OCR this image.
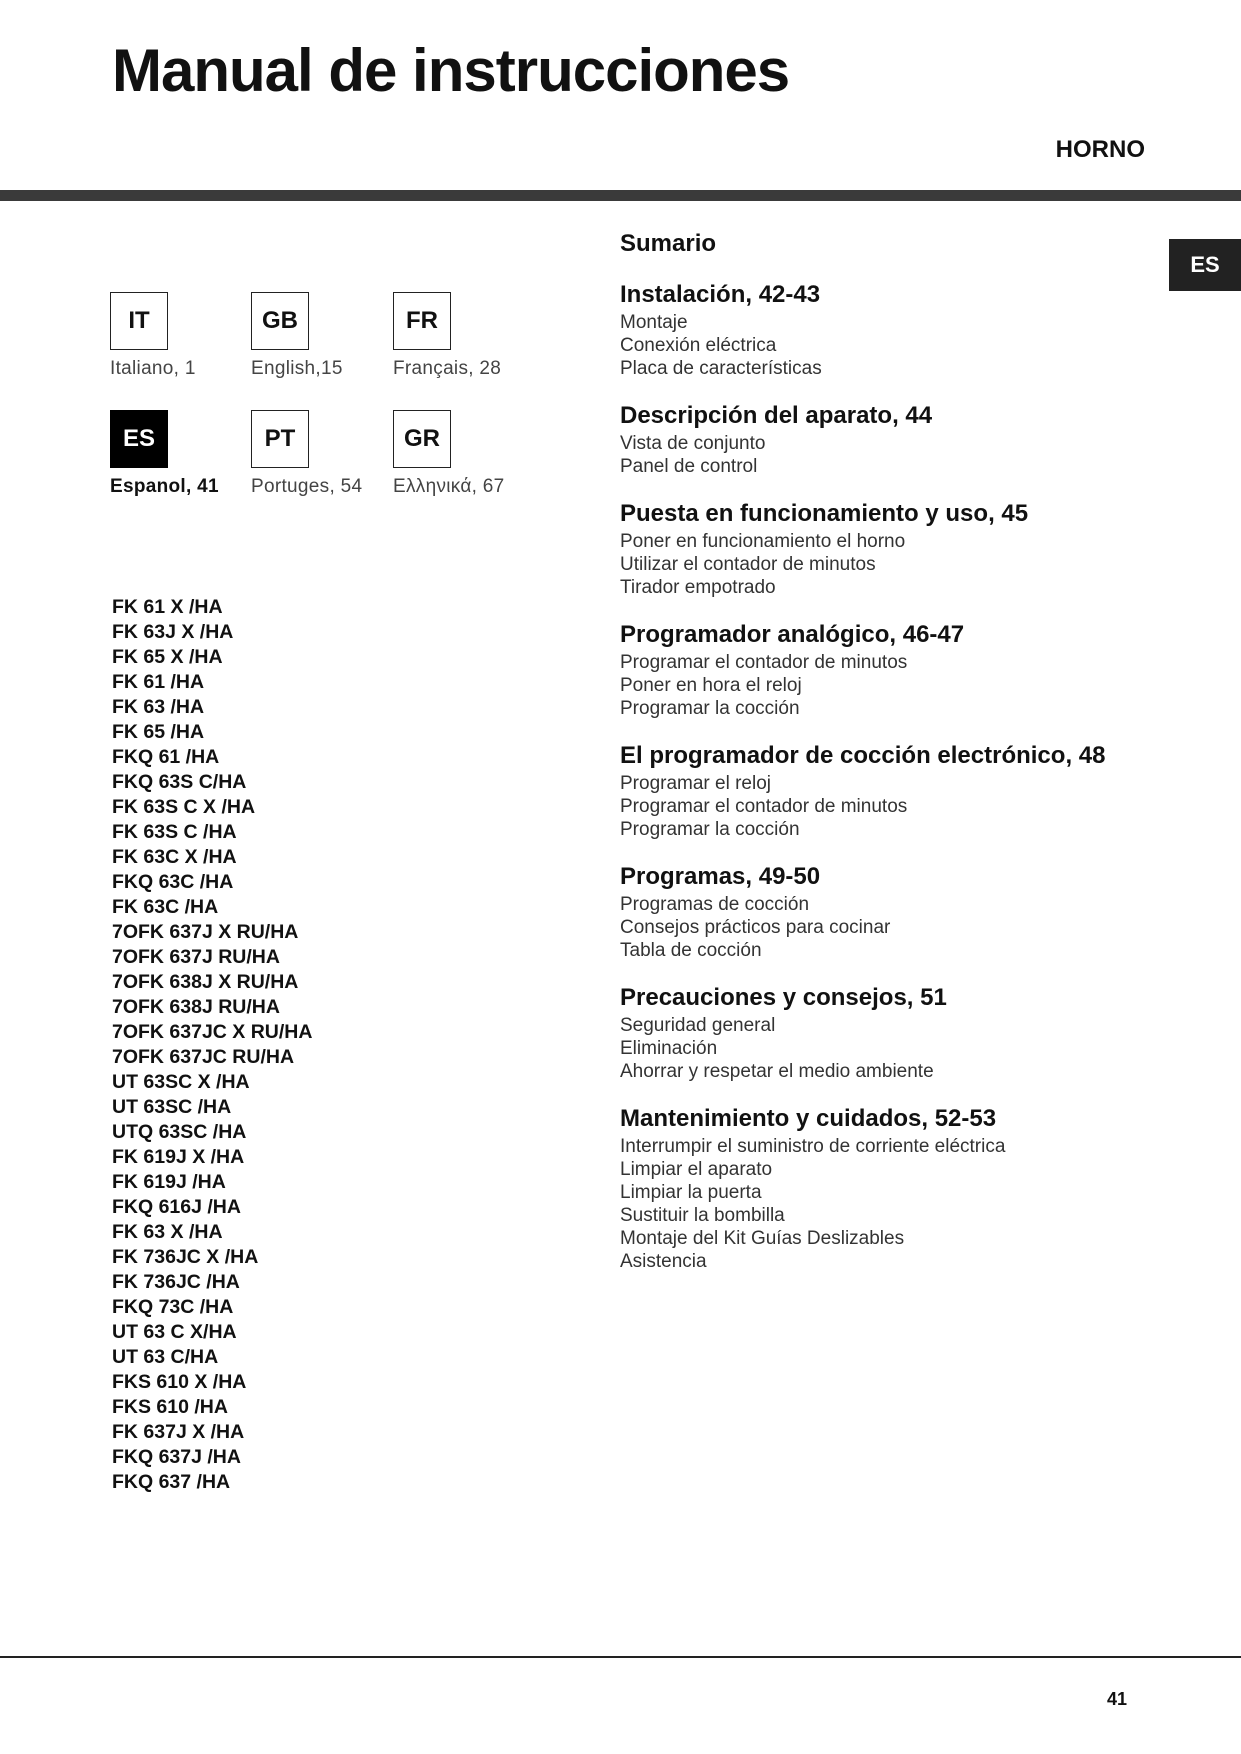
Manual de instrucciones
HORNO
ES
IT
Italiano, 1
GB
English,15
FR
Français, 28
ES
Espanol, 41
PT
Portuges, 54
GR
Ελληνικά, 67
FK 61 X /HA
FK 63J X /HA
FK 65 X /HA
FK 61 /HA
FK 63 /HA
FK 65 /HA
FKQ 61 /HA
FKQ 63S C/HA
FK 63S C X /HA
FK 63S C /HA
FK 63C X /HA
FKQ 63C /HA
FK 63C /HA
7OFK 637J X RU/HA
7OFK 637J RU/HA
7OFK 638J X RU/HA
7OFK 638J RU/HA
7OFK 637JC X RU/HA
7OFK 637JC RU/HA
UT 63SC X /HA
UT 63SC /HA
UTQ 63SC /HA
FK 619J X /HA
FK 619J /HA
FKQ 616J /HA
FK 63 X /HA
FK 736JC X /HA
FK 736JC /HA
FKQ 73C /HA
UT 63 C X/HA
UT 63 C/HA
FKS 610 X /HA
FKS 610 /HA
FK 637J X /HA
FKQ 637J /HA
FKQ 637 /HA
Sumario
Instalación, 42-43
Montaje
Conexión eléctrica
Placa de características
Descripción del aparato, 44
Vista de conjunto
Panel de control
Puesta en funcionamiento y uso, 45
Poner en funcionamiento el horno
Utilizar el contador de minutos
Tirador empotrado
Programador analógico, 46-47
Programar el contador de minutos
Poner en hora el reloj
Programar la cocción
El programador de cocción electrónico, 48
Programar el reloj
Programar el contador de minutos
Programar la cocción
Programas, 49-50
Programas de cocción
Consejos prácticos para cocinar
Tabla de cocción
Precauciones y consejos, 51
Seguridad general
Eliminación
Ahorrar y respetar el medio ambiente
Mantenimiento y cuidados, 52-53
Interrumpir el suministro de corriente eléctrica
Limpiar el aparato
Limpiar la puerta
Sustituir la bombilla
Montaje del Kit Guías Deslizables
Asistencia
41
